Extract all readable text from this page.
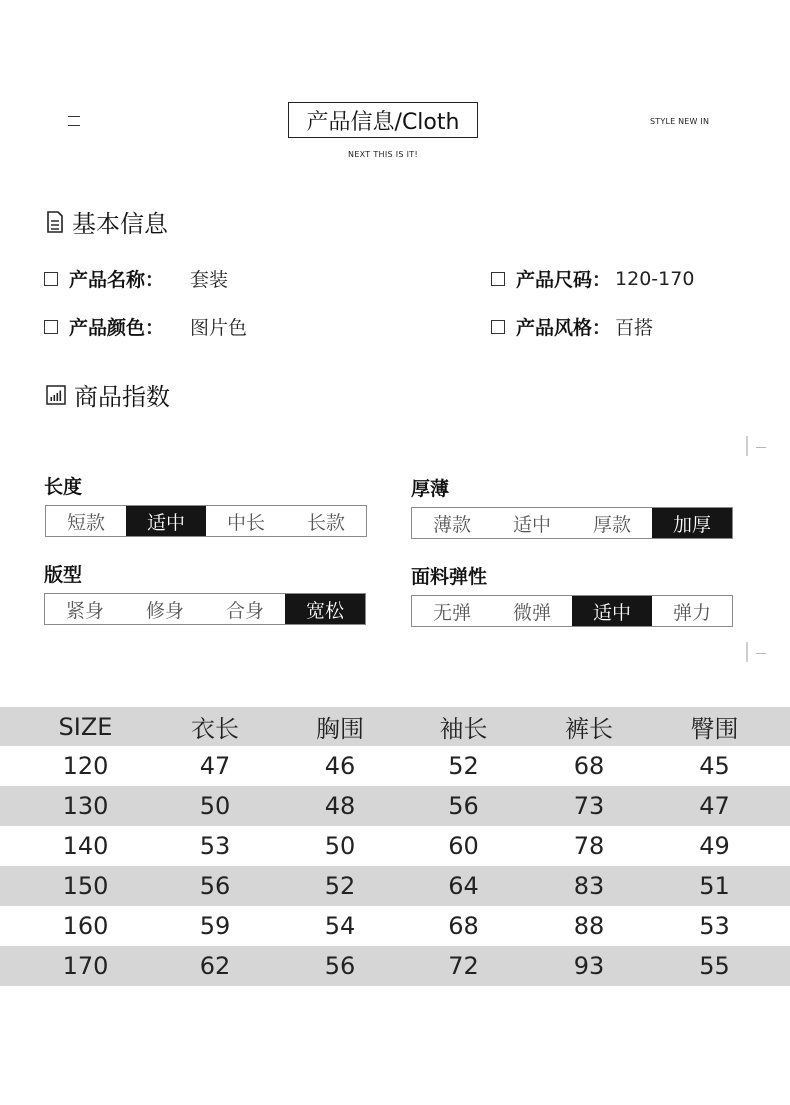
产品信息/Cloth
NEXT THIS IS IT!
STYLE NEW IN
基本信息
产品名称 ： 套装	产品尺码 ： 120-170
产品颜色 ： 图片色	产品风格 ： 百搭
商品指数
长度
短款	适中	中长	长款
厚薄
薄款	适中	厚款	加厚
版型
紧身	修身	合身	宽松
面料弹性
无弹	微弹	适中	弹力
SIZE	衣长	胸围	袖长	裤长	臀围
120	47	46	52	68	45
130	50	48	56	73	47
140	53	50	60	78	49
150	56	52	64	83	51
160	59	54	68	88	53
170	62	56	72	93	55
